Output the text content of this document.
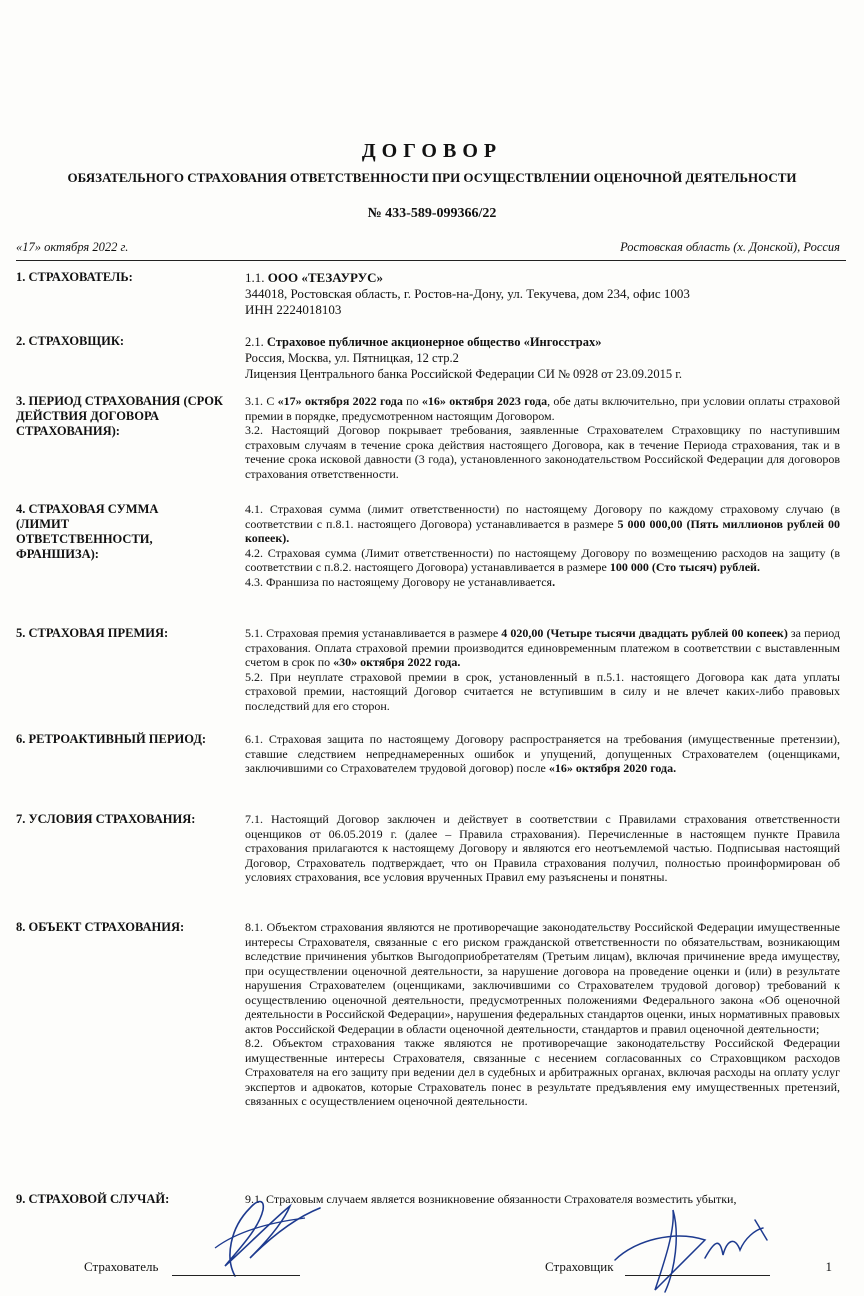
ДОГОВОР
ОБЯЗАТЕЛЬНОГО СТРАХОВАНИЯ ОТВЕТСТВЕННОСТИ ПРИ ОСУЩЕСТВЛЕНИИ ОЦЕНОЧНОЙ ДЕЯТЕЛЬНОСТИ
№ 433-589-099366/22
«17» октября 2022 г.	Ростовская область (х. Донской), Россия
1. СТРАХОВАТЕЛЬ:	1.1. ООО «ТЕЗАУРУС»

344018, Ростовская область, г. Ростов-на-Дону, ул. Текучева, дом 234, офис 1003

ИНН 2224018103

2. СТРАХОВЩИК:	2.1. Страховое публичное акционерное общество «Ингосстрах»

Россия, Москва, ул. Пятницкая, 12 стр.2

Лицензия Центрального банка Российской Федерации СИ № 0928 от 23.09.2015 г.

3. ПЕРИОД СТРАХОВАНИЯ (СРОК ДЕЙСТВИЯ ДОГОВОРА СТРАХОВАНИЯ):

3.1. С «17» октября 2022 года по «16» октября 2023 года, обе даты включительно, при условии оплаты страховой премии в порядке, предусмотренном настоящим Договором.

3.2. Настоящий Договор покрывает требования, заявленные Страхователем Страховщику по наступившим страховым случаям в течение срока действия настоящего Договора, как в течение Периода страхования, так и в течение срока исковой давности (3 года), установленного законодательством Российской Федерации для договоров страхования ответственности.

4. СТРАХОВАЯ СУММА (ЛИМИТ ОТВЕТСТВЕННОСТИ, ФРАНШИЗА):

4.1. Страховая сумма (лимит ответственности) по настоящему Договору по каждому страховому случаю (в соответствии с п.8.1. настоящего Договора) устанавливается в размере 5 000 000,00 (Пять миллионов рублей 00 копеек).

4.2. Страховая сумма (Лимит ответственности) по настоящему Договору по возмещению расходов на защиту (в соответствии с п.8.2. настоящего Договора) устанавливается в размере 100 000 (Сто тысяч) рублей.

4.3. Франшиза по настоящему Договору не устанавливается.

5. СТРАХОВАЯ ПРЕМИЯ:	5.1. Страховая премия устанавливается в размере 4 020,00 (Четыре тысячи двадцать рублей 00 копеек) за период страхования. Оплата страховой премии производится единовременным платежом в соответствии с выставленным счетом в срок по «30» октября 2022 года.

5.2. При неуплате страховой премии в срок, установленный в п.5.1. настоящего Договора как дата уплаты страховой премии, настоящий Договор считается не вступившим в силу и не влечет каких-либо правовых последствий для его сторон.

6. РЕТРОАКТИВНЫЙ ПЕРИОД:	6.1. Страховая защита по настоящему Договору распространяется на требования (имущественные претензии), ставшие следствием непреднамеренных ошибок и упущений, допущенных Страхователем (оценщиками, заключившими со Страхователем трудовой договор) после «16» октября 2020 года.

7. УСЛОВИЯ СТРАХОВАНИЯ:	7.1. Настоящий Договор заключен и действует в соответствии с Правилами страхования ответственности оценщиков от 06.05.2019 г. (далее – Правила страхования). Перечисленные в настоящем пункте Правила страхования прилагаются к настоящему Договору и являются его неотъемлемой частью. Подписывая настоящий Договор, Страхователь подтверждает, что он Правила страхования получил, полностью проинформирован об условиях страхования, все условия врученных Правил ему разъяснены и понятны.

8. ОБЪЕКТ СТРАХОВАНИЯ:	8.1. Объектом страхования являются не противоречащие законодательству Российской Федерации имущественные интересы Страхователя, связанные с его риском гражданской ответственности по обязательствам, возникающим вследствие причинения убытков Выгодоприобретателям (Третьим лицам), включая причинение вреда имуществу, при осуществлении оценочной деятельности, за нарушение договора на проведение оценки и (или) в результате нарушения Страхователем (оценщиками, заключившими со Страхователем трудовой договор) требований к осуществлению оценочной деятельности, предусмотренных положениями Федерального закона «Об оценочной деятельности в Российской Федерации», нарушения федеральных стандартов оценки, иных нормативных правовых актов Российской Федерации в области оценочной деятельности, стандартов и правил оценочной деятельности;

8.2. Объектом страхования также являются не противоречащие законодательству Российской Федерации имущественные интересы Страхователя, связанные с несением согласованных со Страховщиком расходов Страхователя на его защиту при ведении дел в судебных и арбитражных органах, включая расходы на оплату услуг экспертов и адвокатов, которые Страхователь понес в результате предъявления ему имущественных претензий, связанных с осуществлением оценочной деятельности.

9. СТРАХОВОЙ СЛУЧАЙ:	9.1. Страховым случаем является возникновение обязанности Страхователя возместить убытки,

Страхователь	Страховщик	1
